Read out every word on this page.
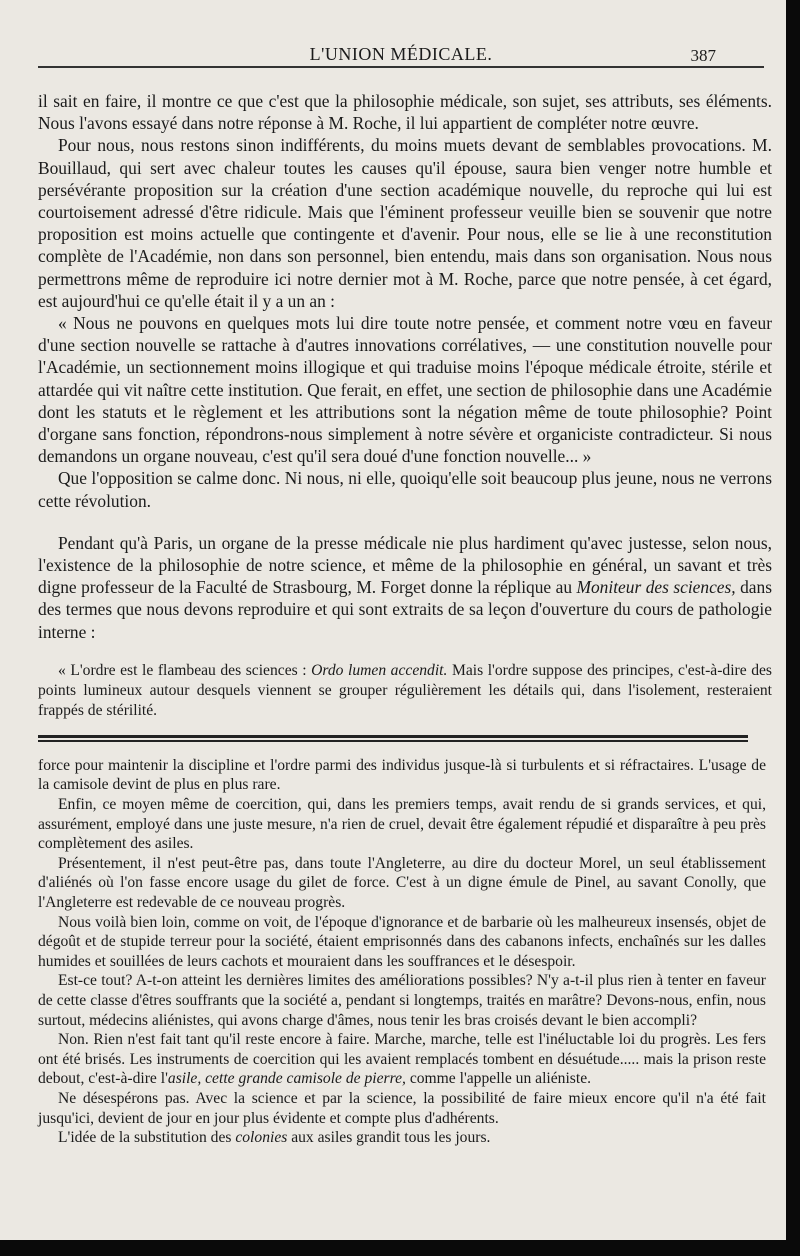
L'UNION MÉDICALE.	387

il sait en faire, il montre ce que c'est que la philosophie médicale, son sujet, ses attributs, ses éléments. Nous l'avons essayé dans notre réponse à M. Roche, il lui appartient de compléter notre œuvre.

Pour nous, nous restons sinon indifférents, du moins muets devant de semblables provocations. M. Bouillaud, qui sert avec chaleur toutes les causes qu'il épouse, saura bien venger notre humble et persévérante proposition sur la création d'une section académique nouvelle, du reproche qui lui est courtoisement adressé d'être ridicule. Mais que l'éminent professeur veuille bien se souvenir que notre proposition est moins actuelle que contingente et d'avenir. Pour nous, elle se lie à une reconstitution complète de l'Académie, non dans son personnel, bien entendu, mais dans son organisation. Nous nous permettrons même de reproduire ici notre dernier mot à M. Roche, parce que notre pensée, à cet égard, est aujourd'hui ce qu'elle était il y a un an :

« Nous ne pouvons en quelques mots lui dire toute notre pensée, et comment notre vœu en faveur d'une section nouvelle se rattache à d'autres innovations corrélatives, — une constitution nouvelle pour l'Académie, un sectionnement moins illogique et qui traduise moins l'époque médicale étroite, stérile et attardée qui vit naître cette institution. Que ferait, en effet, une section de philosophie dans une Académie dont les statuts et le règlement et les attributions sont la négation même de toute philosophie? Point d'organe sans fonction, répondrons-nous simplement à notre sévère et organiciste contradicteur. Si nous demandons un organe nouveau, c'est qu'il sera doué d'une fonction nouvelle... »

Que l'opposition se calme donc. Ni nous, ni elle, quoiqu'elle soit beaucoup plus jeune, nous ne verrons cette révolution.

Pendant qu'à Paris, un organe de la presse médicale nie plus hardiment qu'avec justesse, selon nous, l'existence de la philosophie de notre science, et même de la philosophie en général, un savant et très digne professeur de la Faculté de Strasbourg, M. Forget donne la réplique au Moniteur des sciences, dans des termes que nous devons reproduire et qui sont extraits de sa leçon d'ouverture du cours de pathologie interne :

« L'ordre est le flambeau des sciences : Ordo lumen accendit. Mais l'ordre suppose des principes, c'est-à-dire des points lumineux autour desquels viennent se grouper régulièrement les détails qui, dans l'isolement, resteraient frappés de stérilité.

force pour maintenir la discipline et l'ordre parmi des individus jusque-là si turbulents et si réfractaires. L'usage de la camisole devint de plus en plus rare.

Enfin, ce moyen même de coercition, qui, dans les premiers temps, avait rendu de si grands services, et qui, assurément, employé dans une juste mesure, n'a rien de cruel, devait être également répudié et disparaître à peu près complètement des asiles.

Présentement, il n'est peut-être pas, dans toute l'Angleterre, au dire du docteur Morel, un seul établissement d'aliénés où l'on fasse encore usage du gilet de force. C'est à un digne émule de Pinel, au savant Conolly, que l'Angleterre est redevable de ce nouveau progrès.

Nous voilà bien loin, comme on voit, de l'époque d'ignorance et de barbarie où les malheureux insensés, objet de dégoût et de stupide terreur pour la société, étaient emprisonnés dans des cabanons infects, enchaînés sur les dalles humides et souillées de leurs cachots et mouraient dans les souffrances et le désespoir.

Est-ce tout? A-t-on atteint les dernières limites des améliorations possibles? N'y a-t-il plus rien à tenter en faveur de cette classe d'êtres souffrants que la société a, pendant si longtemps, traités en marâtre? Devons-nous, enfin, nous surtout, médecins aliénistes, qui avons charge d'âmes, nous tenir les bras croisés devant le bien accompli?

Non. Rien n'est fait tant qu'il reste encore à faire. Marche, marche, telle est l'inéluctable loi du progrès. Les fers ont été brisés. Les instruments de coercition qui les avaient remplacés tombent en désuétude..... mais la prison reste debout, c'est-à-dire l'asile, cette grande camisole de pierre, comme l'appelle un aliéniste.

Ne désespérons pas. Avec la science et par la science, la possibilité de faire mieux encore qu'il n'a été fait jusqu'ici, devient de jour en jour plus évidente et compte plus d'adhérents.

L'idée de la substitution des colonies aux asiles grandit tous les jours.
